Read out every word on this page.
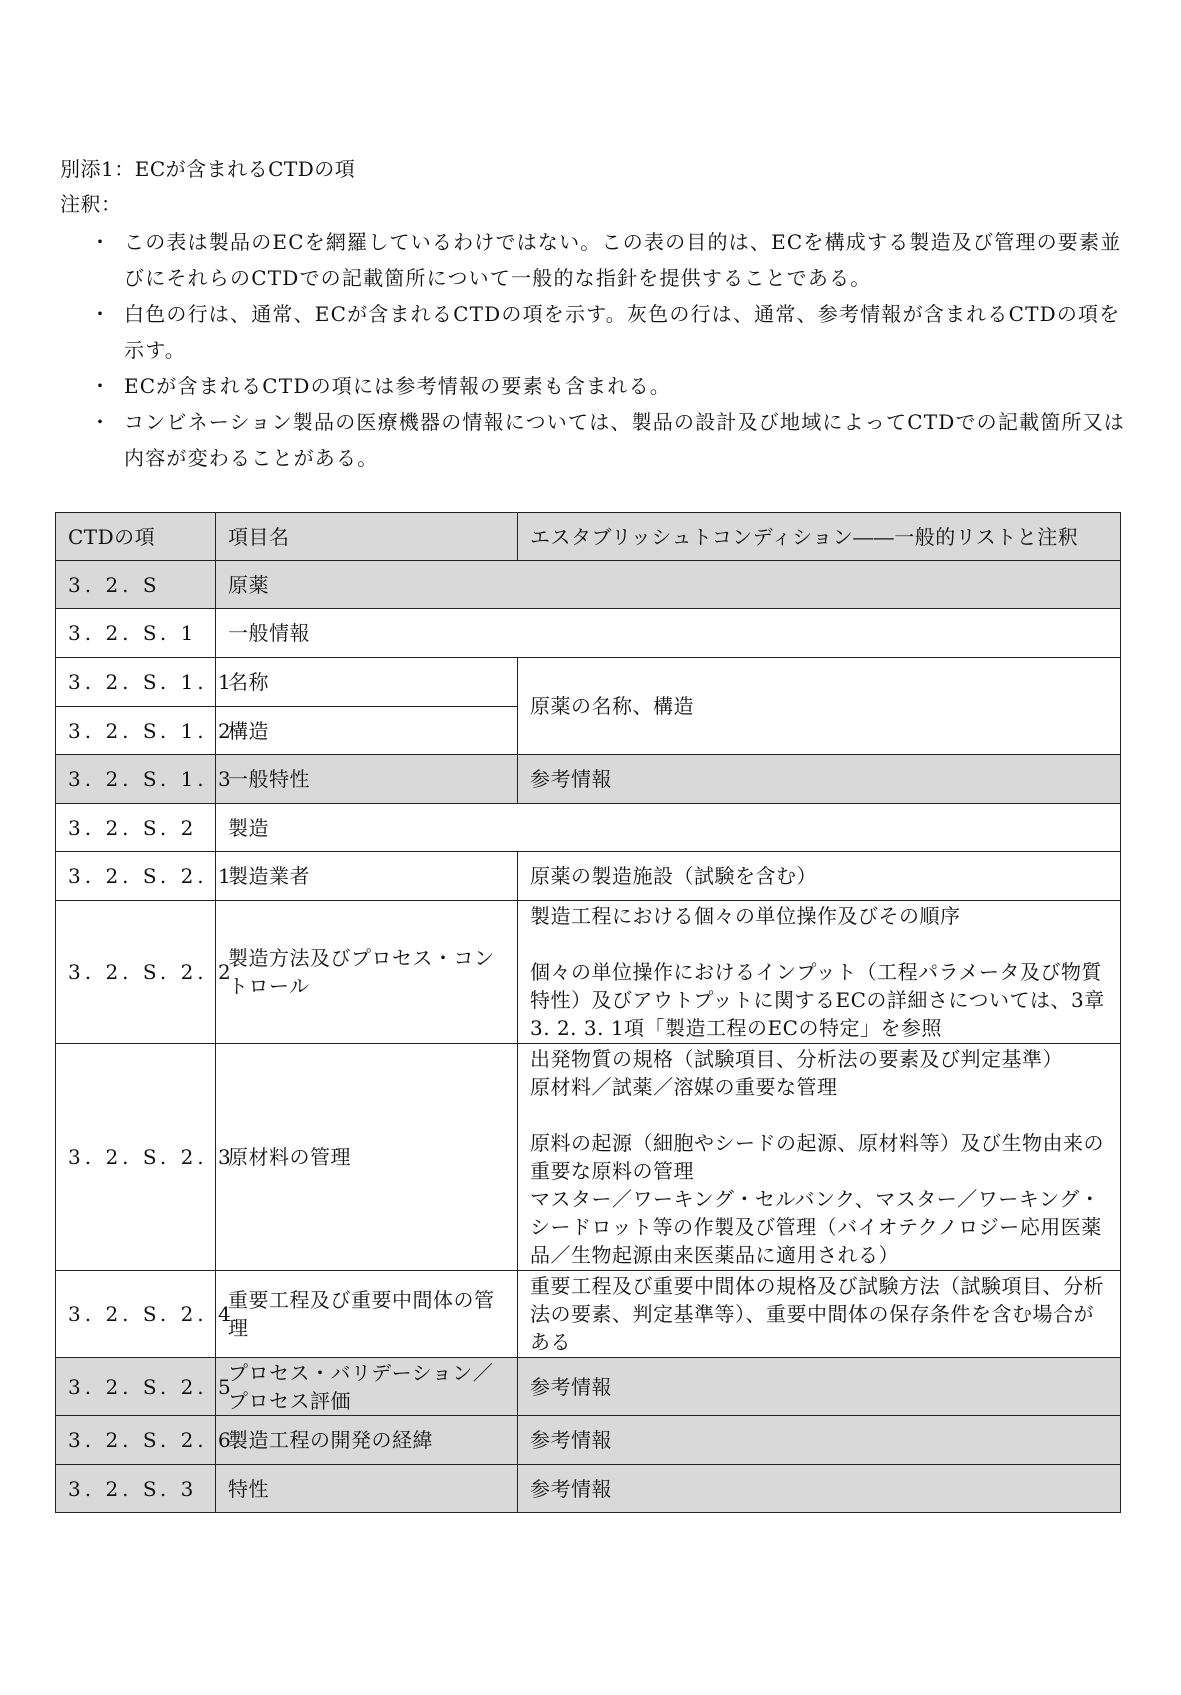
別添1：ECが含まれるCTDの項
注釈：
・ この表は製品のECを網羅しているわけではない。この表の目的は、ECを構成する製造及び管理の要素並びにそれらのCTDでの記載箇所について一般的な指針を提供することである。
・ 白色の行は、通常、ECが含まれるCTDの項を示す。灰色の行は、通常、参考情報が含まれるCTDの項を示す。
・ ECが含まれるCTDの項には参考情報の要素も含まれる。
・ コンビネーション製品の医療機器の情報については、製品の設計及び地域によってCTDでの記載箇所又は内容が変わることがある。
CTDの項	項目名	エスタブリッシュトコンディション――一般的リストと注釈
3. 2. S	原薬	
3. 2. S. 1	一般情報	
3. 2. S. 1. 1	名称	原薬の名称、構造
3. 2. S. 1. 2	構造	
3. 2. S. 1. 3	一般特性	参考情報
3. 2. S. 2	製造	
3. 2. S. 2. 1	製造業者	原薬の製造施設（試験を含む）
3. 2. S. 2. 2	製造方法及びプロセス・コントロール	製造工程における個々の単位操作及びその順序
個々の単位操作におけるインプット（工程パラメータ及び物質特性）及びアウトプットに関するECの詳細さについては、3章3. 2. 3. 1項「製造工程のECの特定」を参照

3. 2. S. 2. 3	原材料の管理	出発物質の規格（試験項目、分析法の要素及び判定基準）
原材料／試薬／溶媒の重要な管理
原料の起源（細胞やシードの起源、原材料等）及び生物由来の重要な原料の管理
マスター／ワーキング・セルバンク、マスター／ワーキング・シードロット等の作製及び管理（バイオテクノロジー応用医薬品／生物起源由来医薬品に適用される）

3. 2. S. 2. 4	重要工程及び重要中間体の管理	重要工程及び重要中間体の規格及び試験方法（試験項目、分析法の要素、判定基準等）、重要中間体の保存条件を含む場合がある
3. 2. S. 2. 5	プロセス・バリデーション／プロセス評価	参考情報
3. 2. S. 2. 6	製造工程の開発の経緯	参考情報
3. 2. S. 3	特性	参考情報
